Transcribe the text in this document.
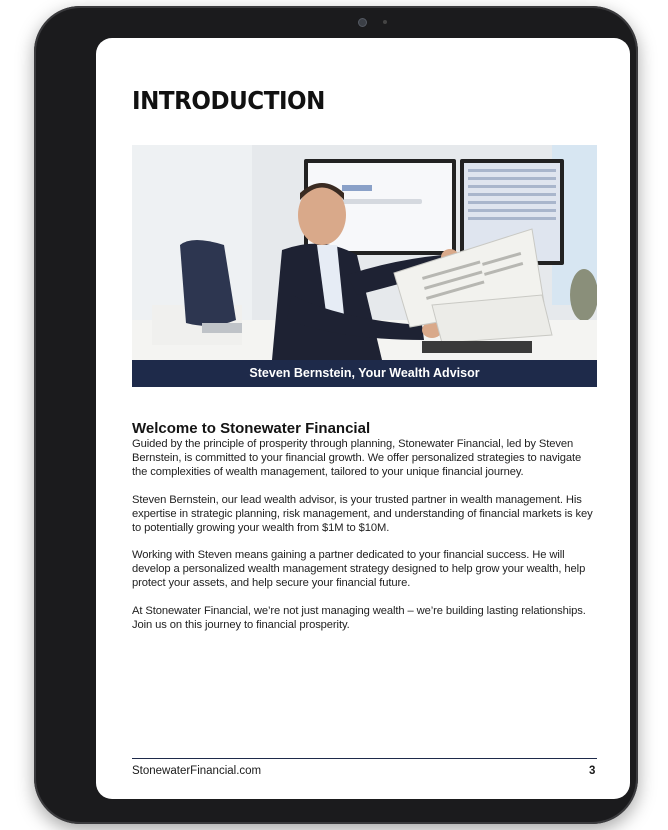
INTRODUCTION
Steven Bernstein, Your Wealth Advisor
Welcome to Stonewater Financial

Guided by the principle of prosperity through planning, Stonewater Financial, led by Steven Bernstein, is committed to your financial growth. We offer personalized strategies to navigate the complexities of wealth management, tailored to your unique financial journey.

Steven Bernstein, our lead wealth advisor, is your trusted partner in wealth management. His expertise in strategic planning, risk management, and understanding of financial markets is key to potentially growing your wealth from $1M to $10M.

Working with Steven means gaining a partner dedicated to your financial success. He will develop a personalized wealth management strategy designed to help grow your wealth, help protect your assets, and help secure your financial future.

At Stonewater Financial, we’re not just managing wealth – we’re building lasting relationships. Join us on this journey to financial prosperity.

StonewaterFinancial.com	3
